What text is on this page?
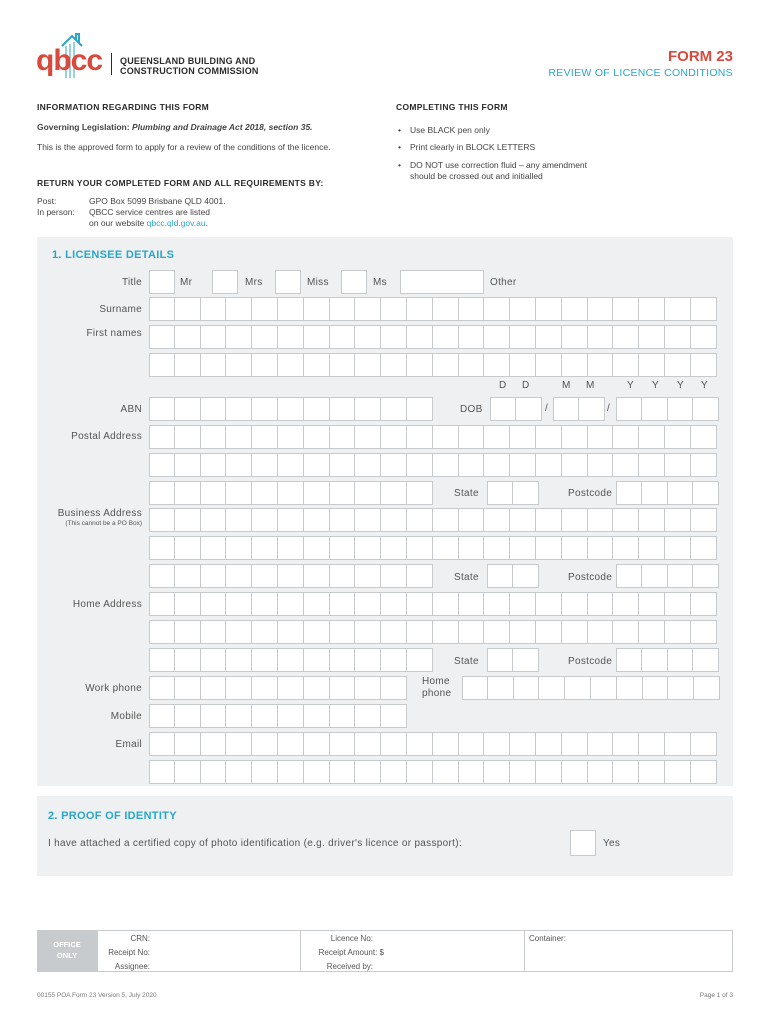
qbcc QUEENSLAND BUILDING AND
CONSTRUCTION COMMISSION
FORM 23
REVIEW OF LICENCE CONDITIONS
INFORMATION REGARDING THIS FORM
Governing Legislation: Plumbing and Drainage Act 2018, section 35.
This is the approved form to apply for a review of the conditions of the licence.
RETURN YOUR COMPLETED FORM AND ALL REQUIREMENTS BY:
Post:	GPO Box 5099 Brisbane QLD 4001.
In person: QBCC service centres are listed
on our website qbcc.qld.gov.au.
COMPLETING THIS FORM
• Use BLACK pen only
• Print clearly in BLOCK LETTERS
• DO NOT use correction fluid – any amendment
should be crossed out and initialled
1. LICENSEE DETAILS
Title	Mr	Mrs	Miss	Ms	Other
Surname
First names
D D	M M	Y Y Y Y
ABN	DOB	/	/
Postal Address
State	Postcode
Business Address
(This cannot be a PO Box)
State	Postcode
Home Address
State	Postcode
Work phone
Home
phone
Mobile
Email
2. PROOF OF IDENTITY
I have attached a certified copy of photo identification (e.g. driver's licence or passport):	Yes
OFFICE
ONLY
CRN:
Receipt No:
Assignee:
Licence No:
Receipt Amount: $
Received by:
Container:
00155 POA Form 23 Version 5, July 2020	Page 1 of 3
